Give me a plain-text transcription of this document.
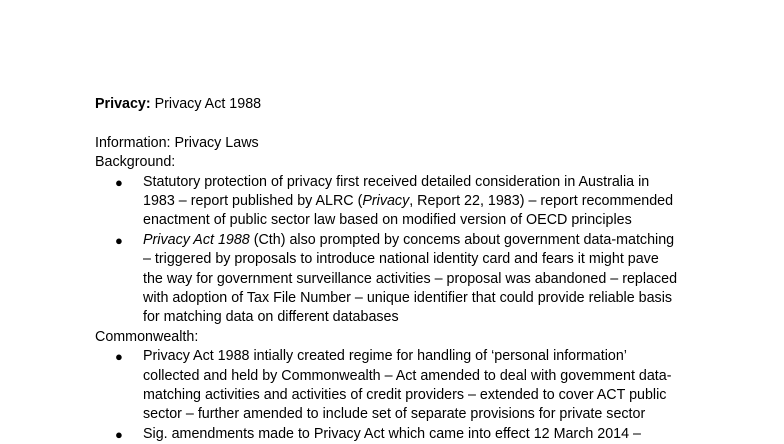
Privacy: Privacy Act 1988
Information: Privacy Laws
Background:
● Statutory protection of privacy first received detailed consideration in Australia in
1983 – report published by ALRC (Privacy, Report 22, 1983) – report recommended
enactment of public sector law based on modified version of OECD principles
● Privacy Act 1988 (Cth) also prompted by concems about government data-matching
– triggered by proposals to introduce national identity card and fears it might pave
the way for government surveillance activities – proposal was abandoned – replaced
with adoption of Tax File Number – unique identifier that could provide reliable basis
for matching data on different databases
Commonwealth:
● Privacy Act 1988 intially created regime for handling of ‘personal information’
collected and held by Commonwealth – Act amended to deal with govemment data-
matching activities and activities of credit providers – extended to cover ACT public
sector – further amended to include set of separate provisions for private sector
● Sig. amendments made to Privacy Act which came into effect 12 March 2014 –
